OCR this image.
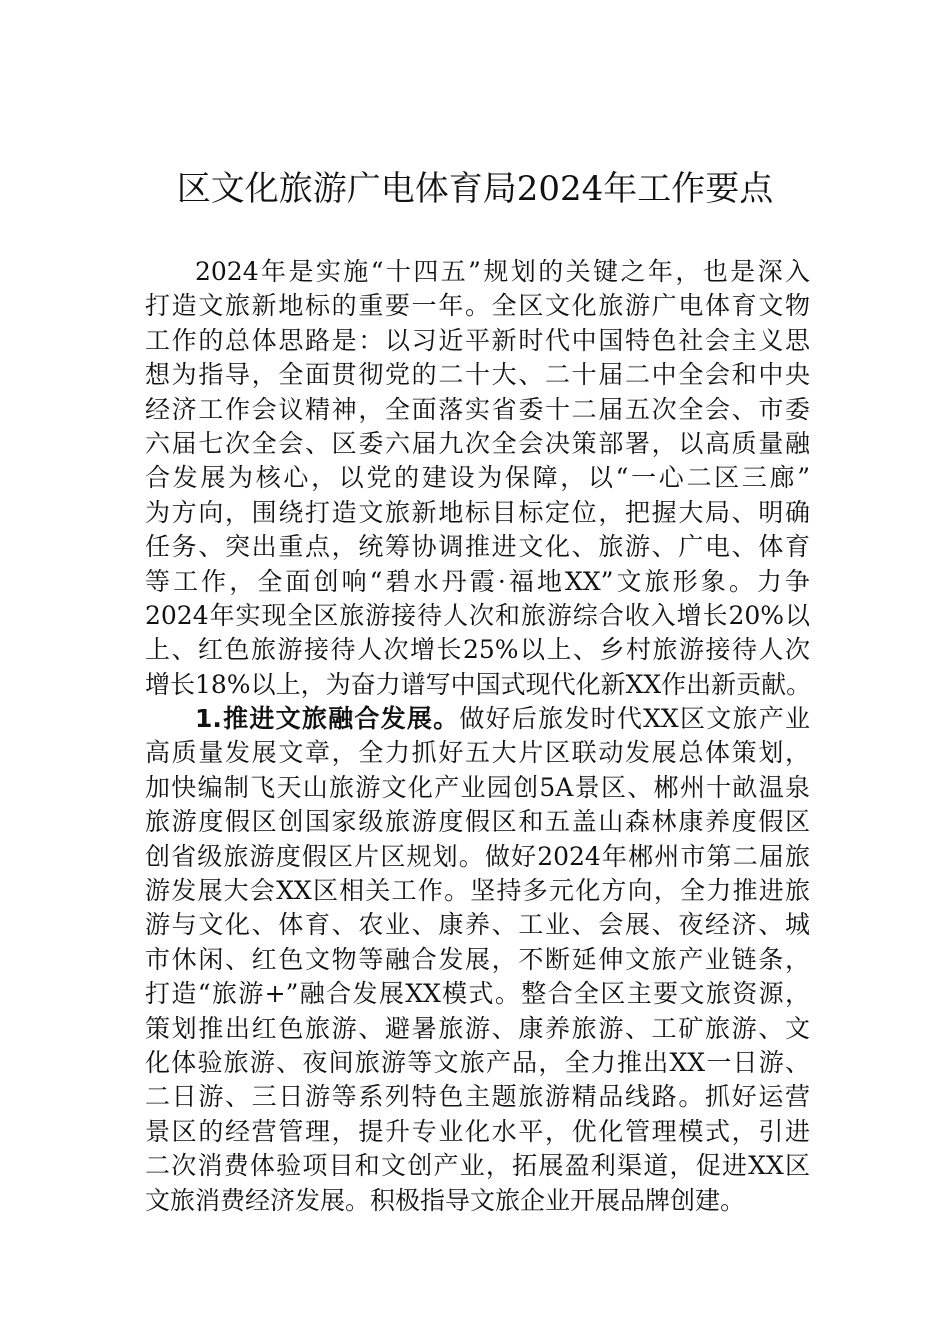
区文化旅游广电体育局2024年工作要点
2024年是实施“十四五”规划的关键之年，也是深入
打造文旅新地标的重要一年。全区文化旅游广电体育文物
工作的总体思路是：以习近平新时代中国特色社会主义思
想为指导，全面贯彻党的二十大、二十届二中全会和中央
经济工作会议精神，全面落实省委十二届五次全会、市委
六届七次全会、区委六届九次全会决策部署，以高质量融
合发展为核心，以党的建设为保障，以“一心二区三廊”
为方向，围绕打造文旅新地标目标定位，把握大局、明确
任务、突出重点，统筹协调推进文化、旅游、广电、体育
等工作，全面创响“碧水丹霞·福地XX”文旅形象。力争
2024年实现全区旅游接待人次和旅游综合收入增长20%以
上、红色旅游接待人次增长25%以上、乡村旅游接待人次
增长18%以上，为奋力谱写中国式现代化新XX作出新贡献。
1.推进文旅融合发展。做好后旅发时代XX区文旅产业
高质量发展文章，全力抓好五大片区联动发展总体策划，
加快编制飞天山旅游文化产业园创5A景区、郴州十畝温泉
旅游度假区创国家级旅游度假区和五盖山森林康养度假区
创省级旅游度假区片区规划。做好2024年郴州市第二届旅
游发展大会XX区相关工作。坚持多元化方向，全力推进旅
游与文化、体育、农业、康养、工业、会展、夜经济、城
市休闲、红色文物等融合发展，不断延伸文旅产业链条，
打造“旅游+”融合发展XX模式。整合全区主要文旅资源，
策划推出红色旅游、避暑旅游、康养旅游、工矿旅游、文
化体验旅游、夜间旅游等文旅产品，全力推出XX一日游、
二日游、三日游等系列特色主题旅游精品线路。抓好运营
景区的经营管理，提升专业化水平，优化管理模式，引进
二次消费体验项目和文创产业，拓展盈利渠道，促进XX区
文旅消费经济发展。积极指导文旅企业开展品牌创建。
